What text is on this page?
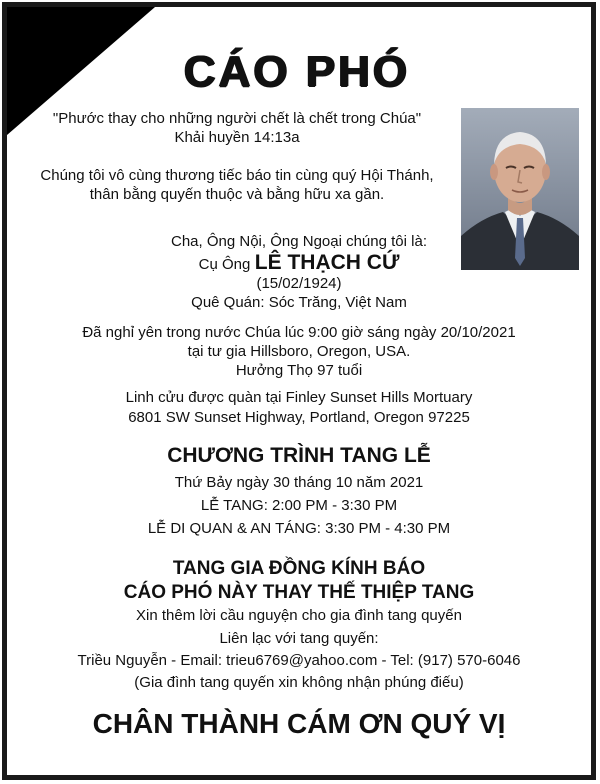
CÁO PHÓ
"Phước thay cho những người chết là chết trong Chúa"
Khải huyền 14:13a
Chúng tôi vô cùng thương tiếc báo tin cùng quý Hội Thánh,
thân bằng quyến thuộc và bằng hữu xa gần.
Cha, Ông Nội, Ông Ngoại chúng tôi là:
Cụ Ông LÊ THẠCH CỨ
(15/02/1924)
Quê Quán: Sóc Trăng, Việt Nam
Đã nghỉ yên trong nước Chúa lúc 9:00 giờ sáng ngày 20/10/2021
tại tư gia Hillsboro, Oregon, USA.
Hưởng Thọ 97 tuổi
Linh cửu được quàn tại Finley Sunset Hills Mortuary
6801 SW Sunset Highway, Portland, Oregon 97225
CHƯƠNG TRÌNH TANG LỄ
Thứ Bảy ngày 30 tháng 10 năm 2021
LỄ TANG: 2:00 PM - 3:30 PM
LỄ DI QUAN & AN TÁNG: 3:30 PM - 4:30 PM
TANG GIA ĐỒNG KÍNH BÁO
CÁO PHÓ NÀY THAY THẾ THIỆP TANG
Xin thêm lời cầu nguyện cho gia đình tang quyến
Liên lạc với tang quyến:
Triều Nguyễn - Email: trieu6769@yahoo.com - Tel: (917) 570-6046
(Gia đình tang quyến xin không nhận phúng điếu)
CHÂN THÀNH CÁM ƠN QUÝ VỊ
